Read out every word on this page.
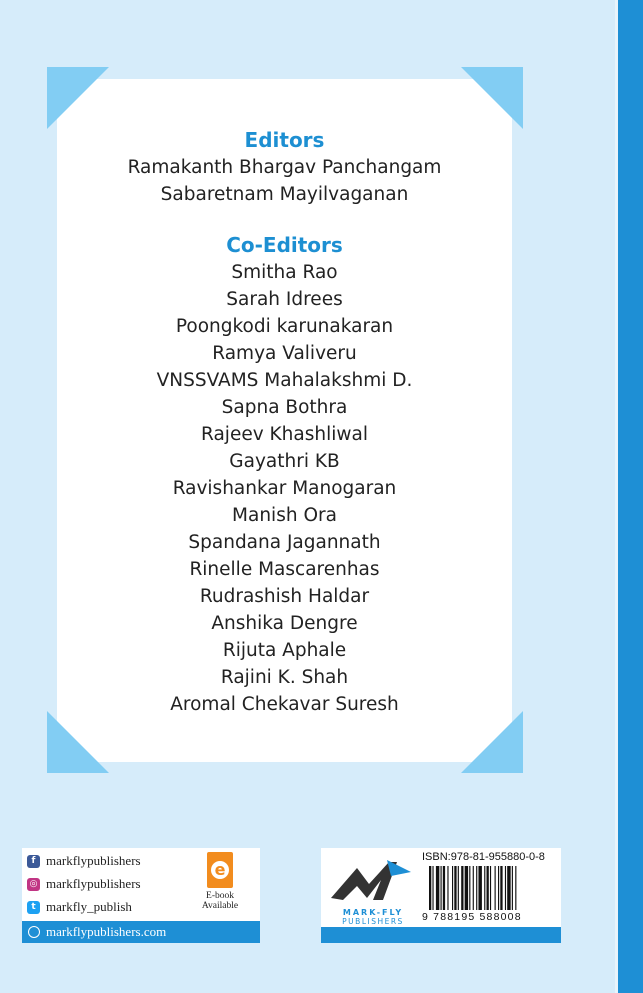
Editors
Ramakanth Bhargav Panchangam
Sabaretnam Mayilvaganan
Co-Editors
Smitha Rao
Sarah Idrees
Poongkodi karunakaran
Ramya Valiveru
VNSSVAMS Mahalakshmi D.
Sapna Bothra
Rajeev Khashliwal
Gayathri KB
Ravishankar Manogaran
Manish Ora
Spandana Jagannath
Rinelle Mascarenhas
Rudrashish Haldar
Anshika Dengre
Rijuta Aphale
Rajini K. Shah
Aromal Chekavar Suresh
f markflypublishers
◎ markflypublishers
t markfly_publish
e
E-book
Available
markflypublishers.com
MARK-FLY
PUBLISHERS
ISBN:978-81-955880-0-8
9 788195 588008
